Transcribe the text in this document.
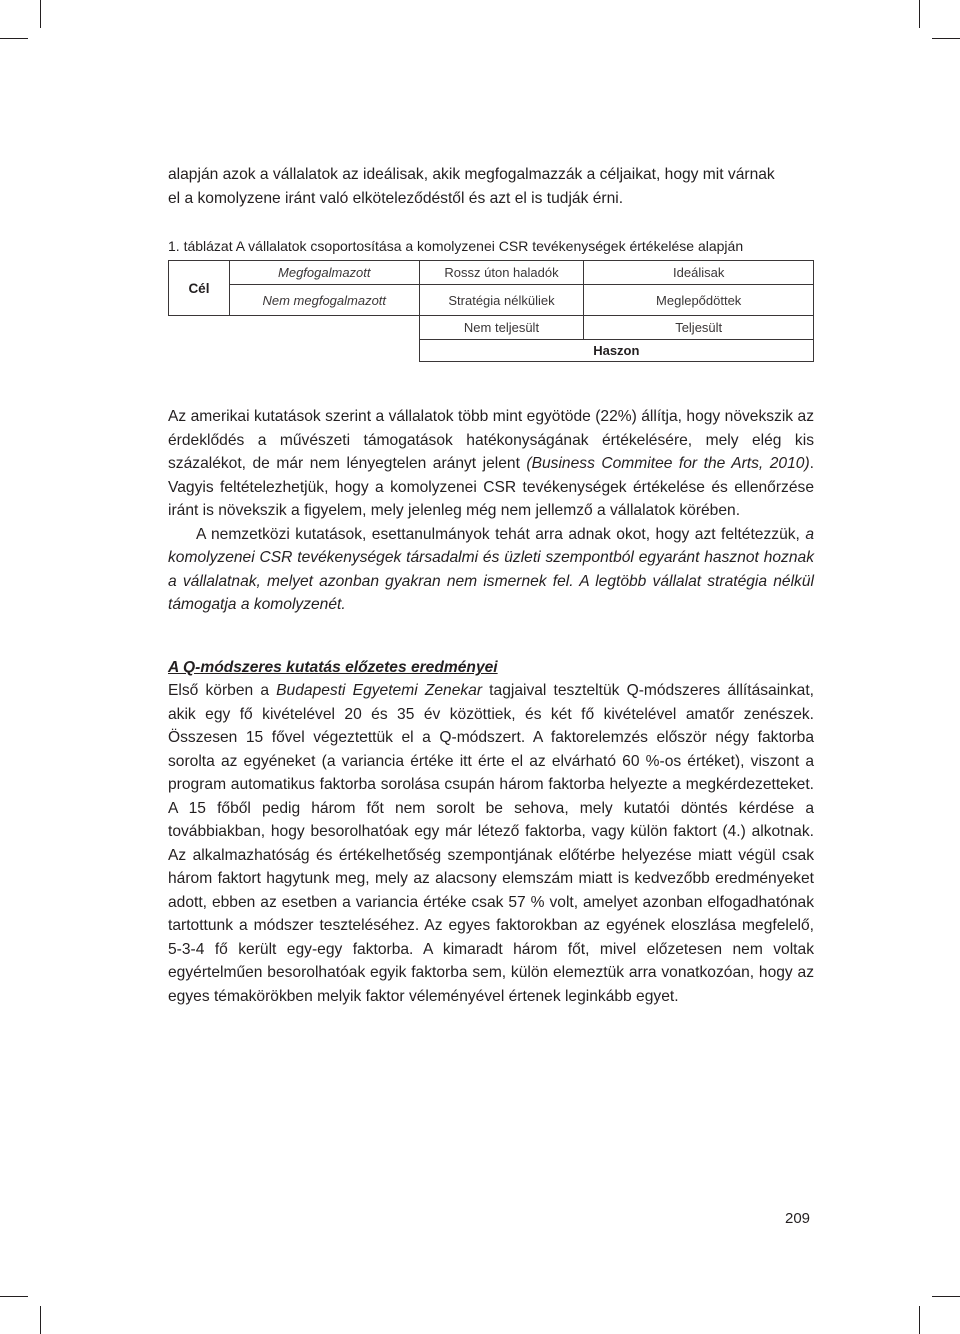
alapján azok a vállalatok az ideálisak, akik megfogalmazzák a céljaikat, hogy mit várnak
el a komolyzene iránt való elköteleződéstől és azt el is tudják érni.
1. táblázat A vállalatok csoportosítása a komolyzenei CSR tevékenységek értékelése alapján
Cél	Megfogalmazott	Rossz úton haladók	Ideálisak
	Nem megfogalmazott	Stratégia nélküliek	Meglepődöttek
		Nem teljesült	Teljesült
		Haszon	

Az amerikai kutatások szerint a vállalatok több mint egyötöde (22%) állítja, hogy növekszik az érdeklődés a művészeti támogatások hatékonyságának értékelésére, mely elég kis százalékot, de már nem lényegtelen arányt jelent (Business Commitee for the Arts, 2010). Vagyis feltételezhetjük, hogy a komolyzenei CSR tevékenységek értékelése és ellenőrzése iránt is növekszik a figyelem, mely jelenleg még nem jellemző a vállalatok körében.

A nemzetközi kutatások, esettanulmányok tehát arra adnak okot, hogy azt feltétezzük, a komolyzenei CSR tevékenységek társadalmi és üzleti szempontból egyaránt hasznot hoznak a vállalatnak, melyet azonban gyakran nem ismernek fel. A legtöbb vállalat stratégia nélkül támogatja a komolyzenét.

A Q-módszeres kutatás előzetes eredményei

Első körben a Budapesti Egyetemi Zenekar tagjaival teszteltük Q-módszeres állításainkat, akik egy fő kivételével 20 és 35 év közöttiek, és két fő kivételével amatőr zenészek. Összesen 15 fővel végeztettük el a Q-módszert. A faktorelemzés először négy faktorba sorolta az egyéneket (a variancia értéke itt érte el az elvárható 60 %-os értéket), viszont a program automatikus faktorba sorolása csupán három faktorba helyezte a megkérdezetteket. A 15 főből pedig három főt nem sorolt be sehova, mely kutatói döntés kérdése a továbbiakban, hogy besorolhatóak egy már létező faktorba, vagy külön faktort (4.) alkotnak. Az alkalmazhatóság és értékelhetőség szempontjának előtérbe helyezése miatt végül csak három faktort hagytunk meg, mely az alacsony elemszám miatt is kedvezőbb eredményeket adott, ebben az esetben a variancia értéke csak 57 % volt, amelyet azonban elfogadhatónak tartottunk a módszer teszteléséhez. Az egyes faktorokban az egyének eloszlása megfelelő, 5-3-4 fő került egy-egy faktorba. A kimaradt három főt, mivel előzetesen nem voltak egyértelműen besorolhatóak egyik faktorba sem, külön elemeztük arra vonatkozóan, hogy az egyes témakörökben melyik faktor véleményével értenek leginkább egyet.

209
